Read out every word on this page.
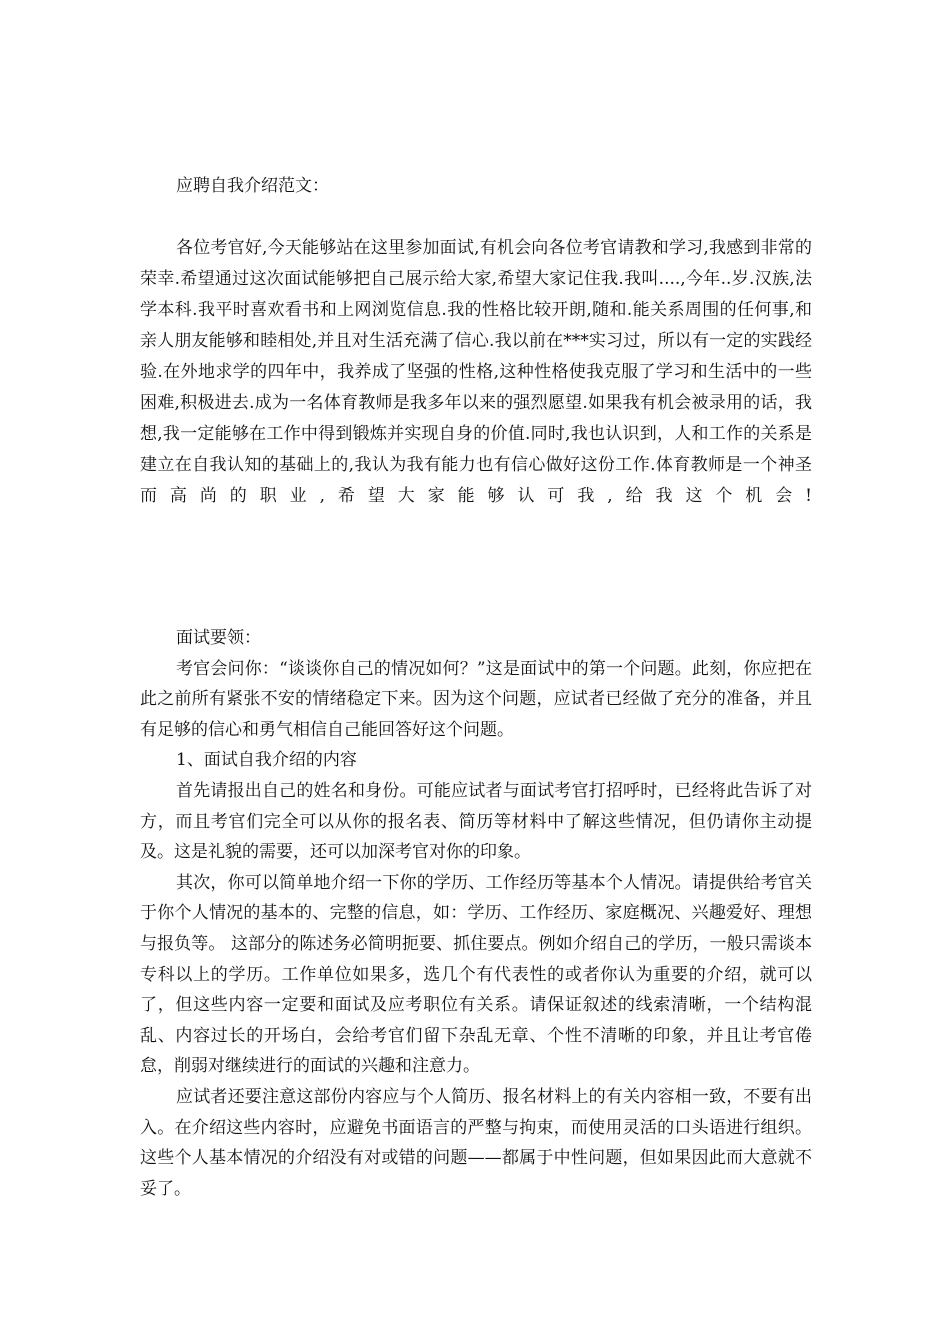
应聘自我介绍范文：

各位考官好,今天能够站在这里参加面试,有机会向各位考官请教和学习,我感到非常的荣幸.希望通过这次面试能够把自己展示给大家,希望大家记住我.我叫....,今年..岁.汉族,法学本科.我平时喜欢看书和上网浏览信息.我的性格比较开朗,随和.能关系周围的任何事,和亲人朋友能够和睦相处,并且对生活充满了信心.我以前在***实习过，所以有一定的实践经验.在外地求学的四年中，我养成了坚强的性格,这种性格使我克服了学习和生活中的一些困难,积极进去.成为一名体育教师是我多年以来的强烈愿望.如果我有机会被录用的话，我想,我一定能够在工作中得到锻炼并实现自身的价值.同时,我也认识到，人和工作的关系是建立在自我认知的基础上的,我认为我有能力也有信心做好这份工作.体育教师是一个神圣而高尚的职业,希望大家能够认可我,给我这个机会!

面试要领：

考官会问你：“谈谈你自己的情况如何？”这是面试中的第一个问题。此刻，你应把在此之前所有紧张不安的情绪稳定下来。因为这个问题，应试者已经做了充分的准备，并且有足够的信心和勇气相信自己能回答好这个问题。

1、面试自我介绍的内容

首先请报出自己的姓名和身份。可能应试者与面试考官打招呼时，已经将此告诉了对方，而且考官们完全可以从你的报名表、简历等材料中了解这些情况，但仍请你主动提及。这是礼貌的需要，还可以加深考官对你的印象。

其次，你可以简单地介绍一下你的学历、工作经历等基本个人情况。请提供给考官关于你个人情况的基本的、完整的信息，如：学历、工作经历、家庭概况、兴趣爱好、理想与报负等。 这部分的陈述务必简明扼要、抓住要点。例如介绍自己的学历，一般只需谈本专科以上的学历。工作单位如果多，选几个有代表性的或者你认为重要的介绍，就可以了，但这些内容一定要和面试及应考职位有关系。请保证叙述的线索清晰，一个结构混乱、内容过长的开场白，会给考官们留下杂乱无章、个性不清晰的印象，并且让考官倦怠，削弱对继续进行的面试的兴趣和注意力。

应试者还要注意这部份内容应与个人简历、报名材料上的有关内容相一致，不要有出入。在介绍这些内容时，应避免书面语言的严整与拘束，而使用灵活的口头语进行组织。这些个人基本情况的介绍没有对或错的问题——都属于中性问题，但如果因此而大意就不妥了。
